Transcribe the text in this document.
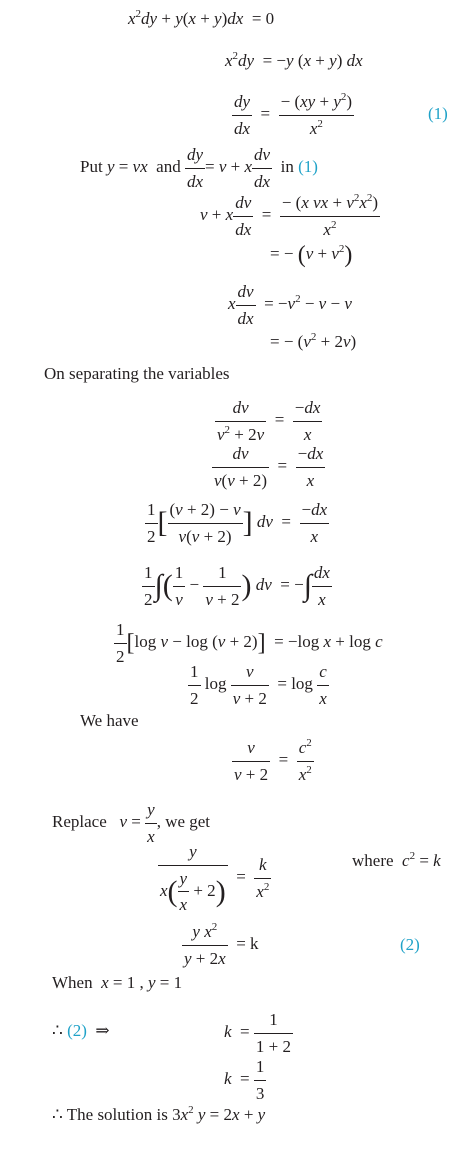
$x^2dy + y(x + y)dx = 0$
$x^2dy = -y$ (x + y) dx
$\frac{dy}{dx} = \frac{- (xy + y^2)}{x^2}$	(1)
Put y = vx and $\frac{dy}{dx} = v + x \frac{dv}{dx}$ in (1)
v + x $\frac{dv}{dx} = \frac{- (x vx + v^2x^2)}{x^2}$
= − $(v + v^2)$
x $\frac{dv}{dx} = -v^2 - v - v$
= − $(v^2 + 2v)$
On separating the variables
$\frac{dv}{v^2 + 2v} = \frac{-dx}{x}$
$\frac{dv}{v(v + 2)} = \frac{-dx}{x}$
$\frac{1}{2}$ [ $\frac{(v + 2) - v}{v(v + 2)}$ ] dv  = $\frac{-dx}{x}$
$\frac{1}{2}$ ∫( $\frac{1}{v} - \frac{1}{v + 2}$ ) dv  = −∫ $\frac{dx}{x}$
$\frac{1}{2} [\log$ v − log (v + 2)]  = −log x + log c
$\frac{1}{2}$ $\log \frac{v}{v + 2} = \log \frac{c}{x}$
We have
$\frac{v}{v + 2} = \frac{c^2}{x^2}$
Replace $v = \frac{y}{x}$ , we get
$\frac{y}{x( \frac{y}{x} + 2)} = \frac{k}{x^2}$	where $c^2 = k$
$\frac{y x^2}{y + 2x} = k$	(2)
When x = 1 , y = 1
∴ (2) ⇒	$k = \frac{1}{1 + 2}$
$k = \frac{1}{3}$
∴ The solution is $3x^2$ y = 2x + y
